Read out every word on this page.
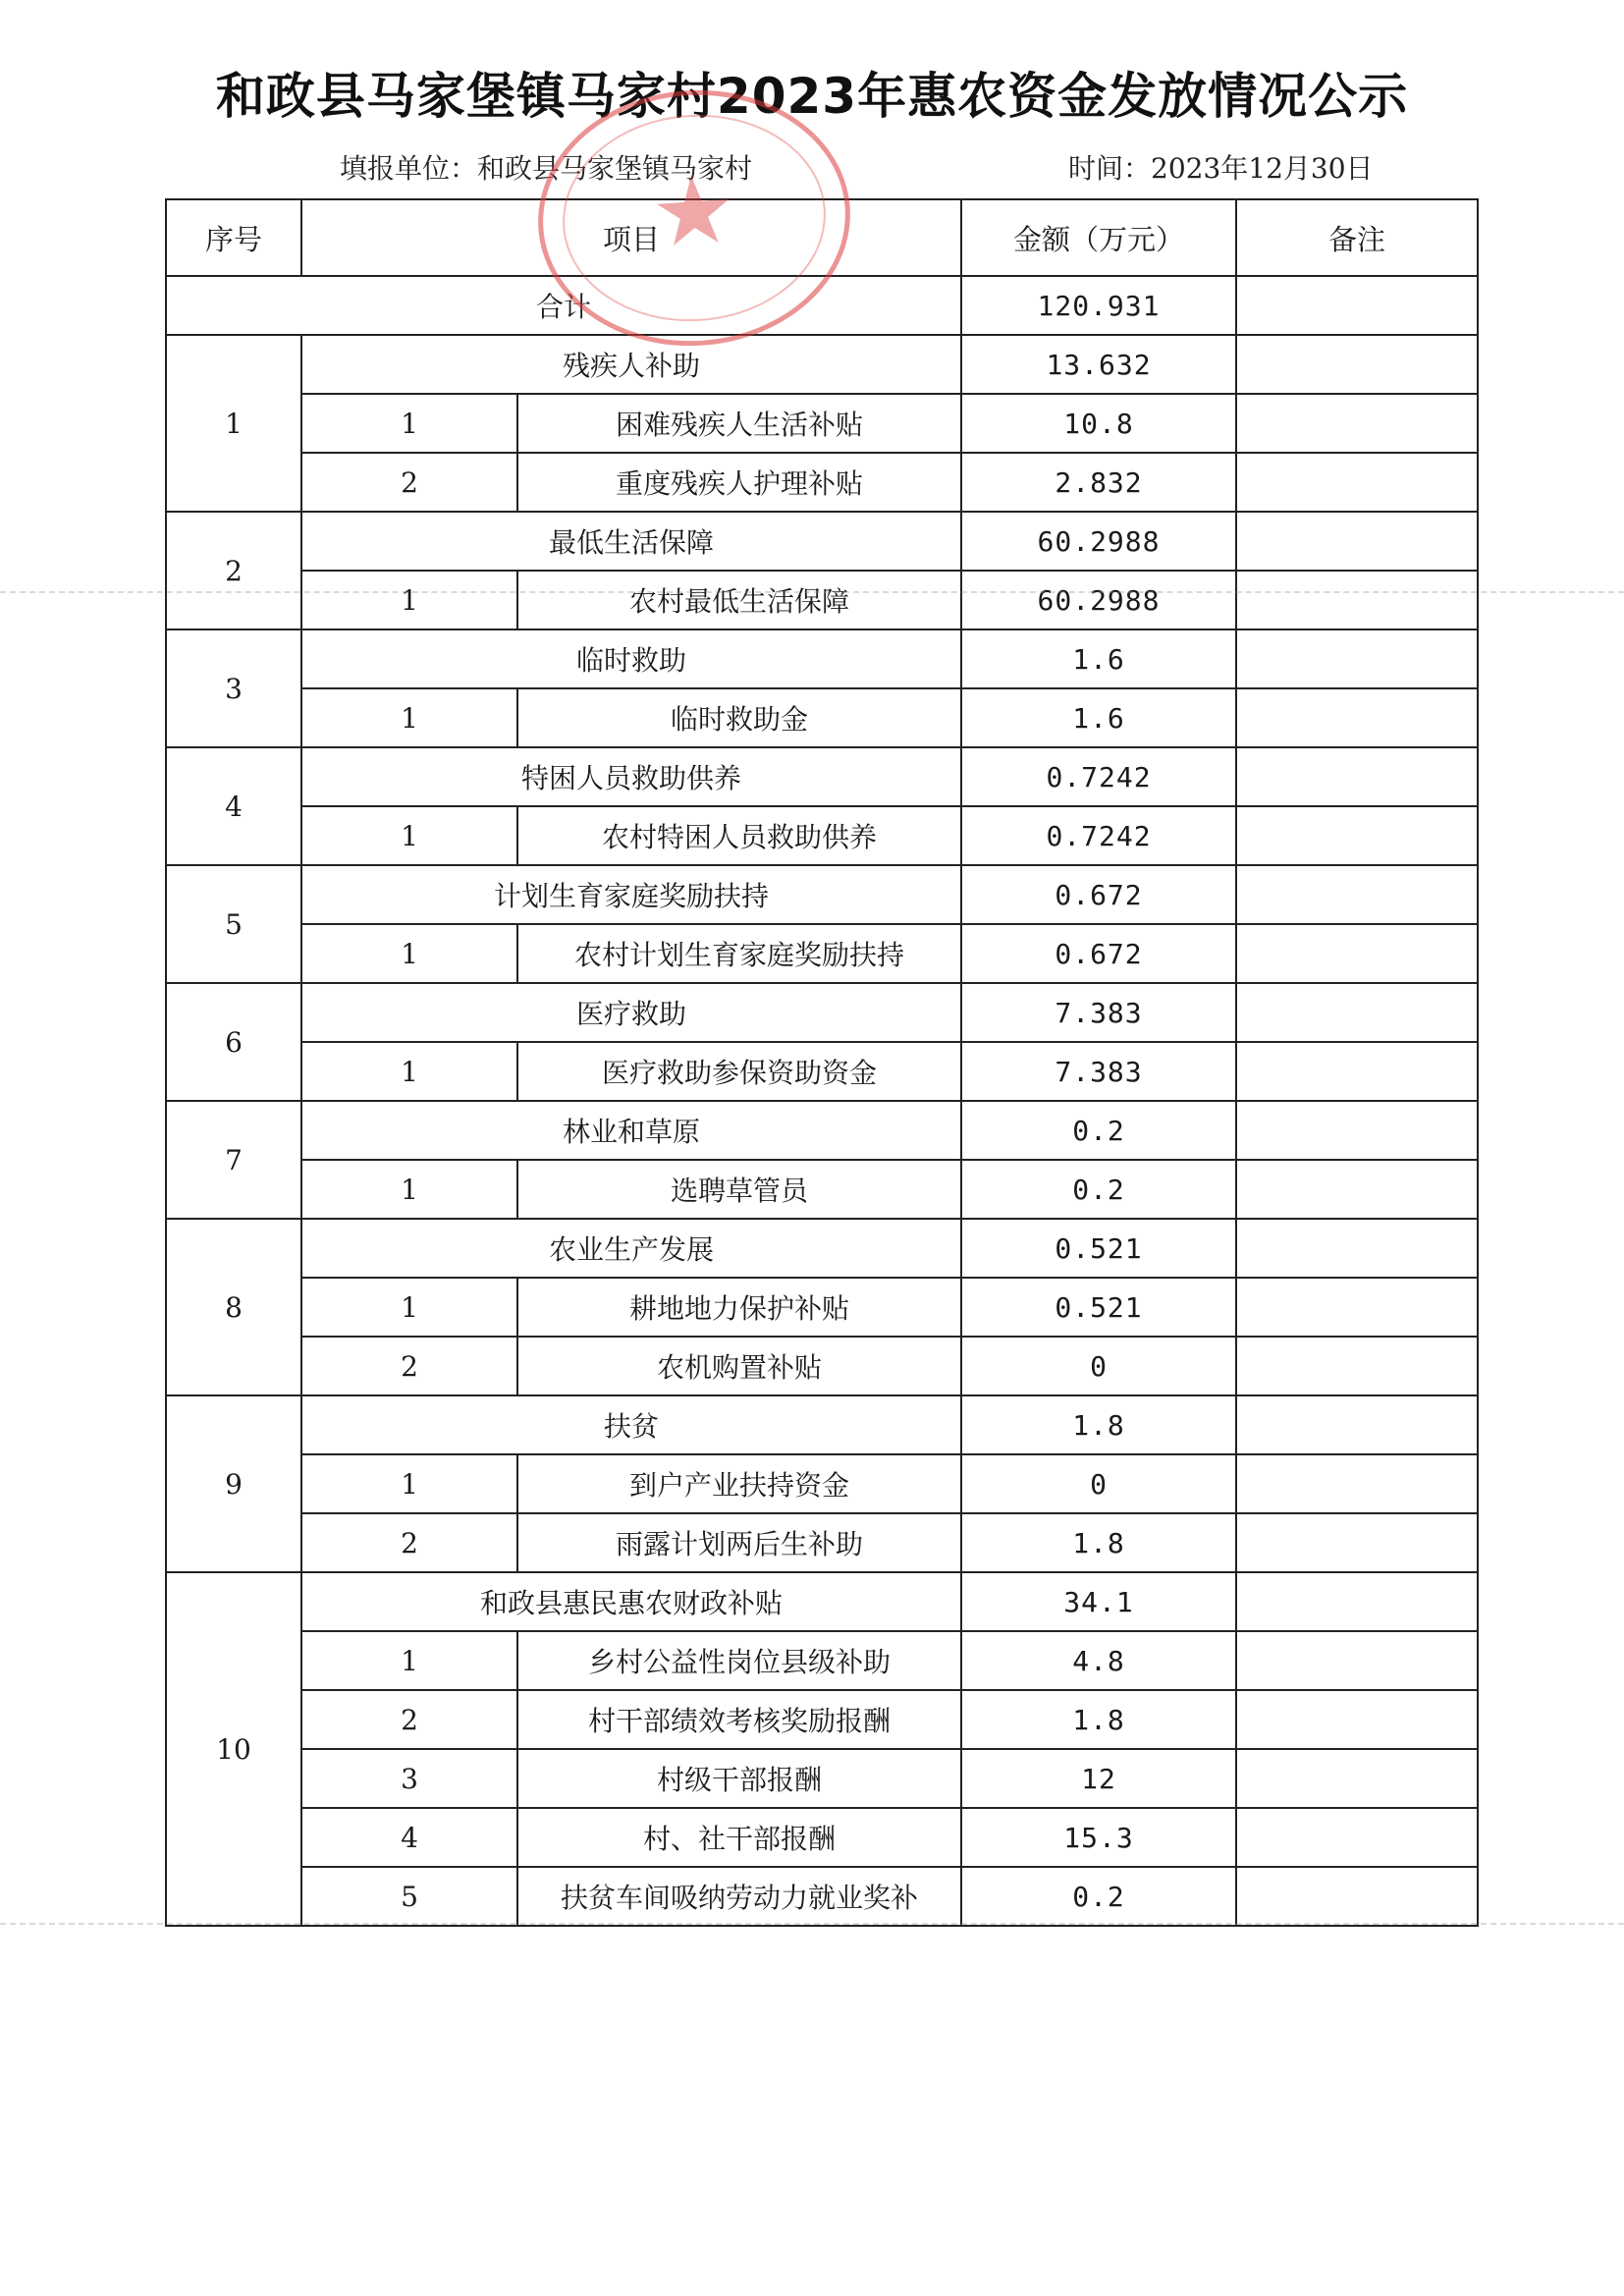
和政县马家堡镇马家村2023年惠农资金发放情况公示
填报单位：和政县马家堡镇马家村	时间：2023年12月30日
序号	项目		金额（万元）	备注
合计			120.931	
1	残疾人补助		13.632	
	1	困难残疾人生活补贴	10.8	
	2	重度残疾人护理补贴	2.832	
2	最低生活保障		60.2988	
	1	农村最低生活保障	60.2988	
3	临时救助		1.6	
	1	临时救助金	1.6	
4	特困人员救助供养		0.7242	
	1	农村特困人员救助供养	0.7242	
5	计划生育家庭奖励扶持		0.672	
	1	农村计划生育家庭奖励扶持	0.672	
6	医疗救助		7.383	
	1	医疗救助参保资助资金	7.383	
7	林业和草原		0.2	
	1	选聘草管员	0.2	
8	农业生产发展		0.521	
	1	耕地地力保护补贴	0.521	
	2	农机购置补贴	0	
9	扶贫		1.8	
	1	到户产业扶持资金	0	
	2	雨露计划两后生补助	1.8	
10	和政县惠民惠农财政补贴		34.1	
	1	乡村公益性岗位县级补助	4.8	
	2	村干部绩效考核奖励报酬	1.8	
	3	村级干部报酬	12	
	4	村、社干部报酬	15.3	
	5	扶贫车间吸纳劳动力就业奖补	0.2	
★
